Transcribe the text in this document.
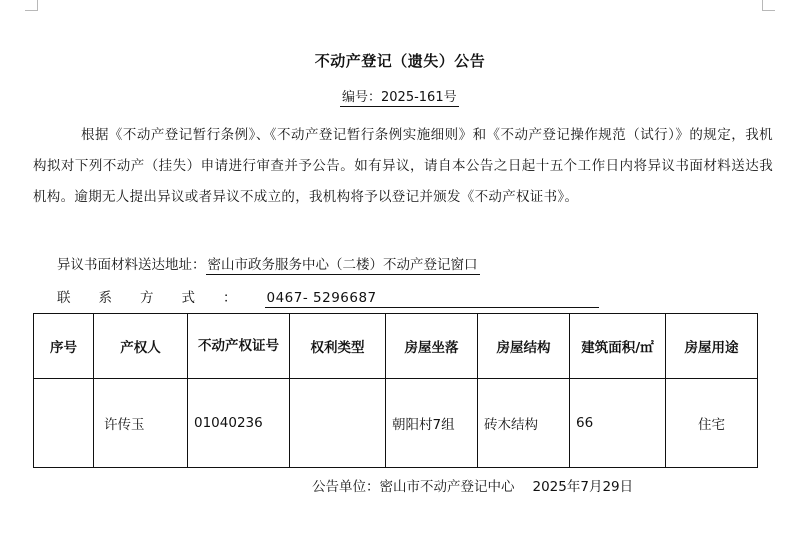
不动产登记（遗失）公告
编号：2025-161号
根据《不动产登记暂行条例》、《不动产登记暂行条例实施细则》和《不动产登记操作规范（试行）》的规定，我机构拟对下列不动产（挂失）申请进行审查并予公告。如有异议，请自本公告之日起十五个工作日内将异议书面材料送达我机构。逾期无人提出异议或者异议不成立的，我机构将予以登记并颁发《不动产权证书》。
异议书面材料送达地址： 密山市政务服务中心（二楼）不动产登记窗口
联系方式： 0467- 5296687
序号	产权人	不动产权证号	权利类型	房屋坐落	房屋结构	建筑面积/㎡	房屋用途
	许传玉	01040236		朝阳村7组	砖木结构	66	住宅
公告单位：密山市不动产登记中心 2025年7月29日
